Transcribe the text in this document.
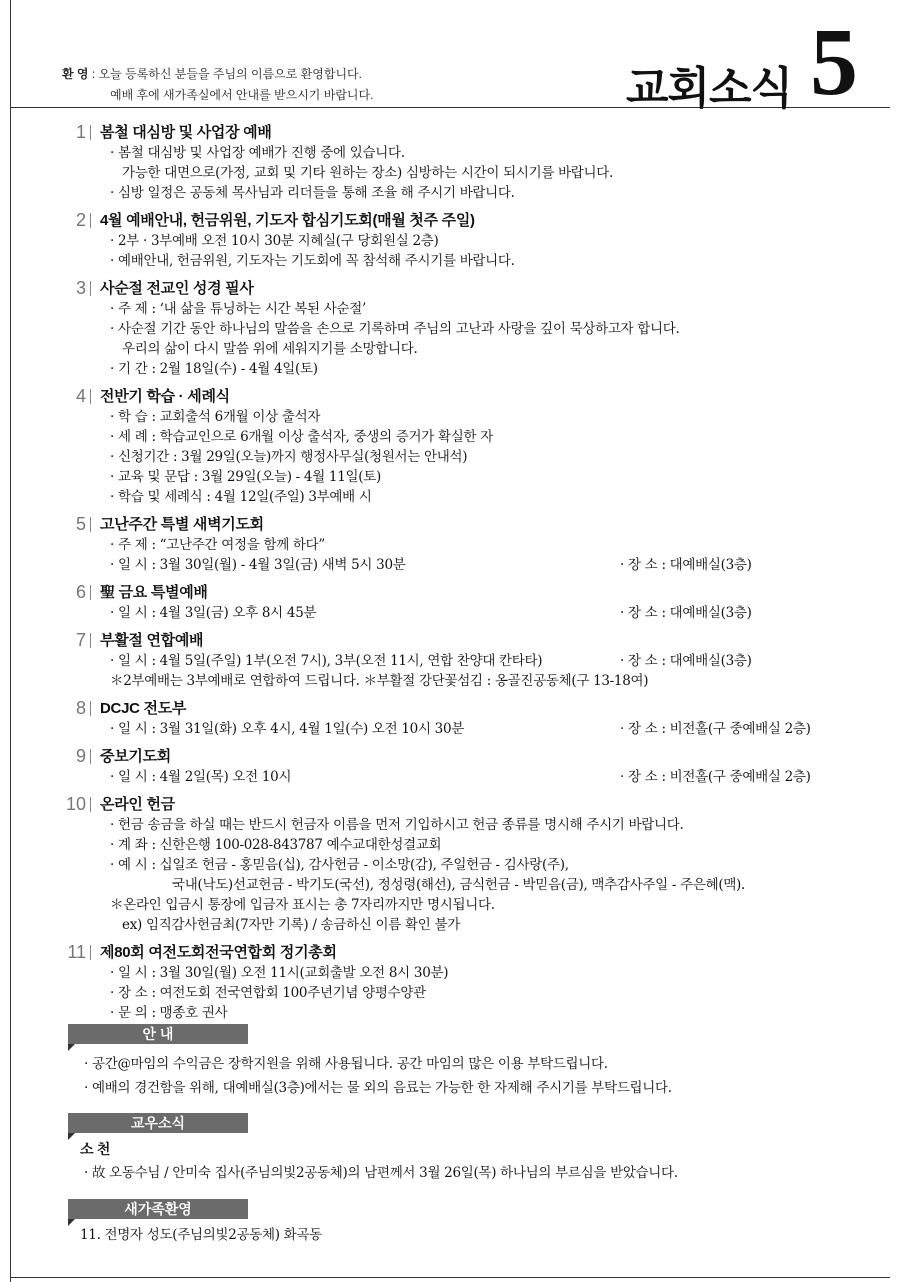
환 영 : 오늘 등록하신 분들을 주님의 이름으로 환영합니다.
예배 후에 새가족실에서 안내를 받으시기 바랍니다.	교회소식 5
1 봄철 대심방 및 사업장 예배
· 봄철 대심방 및 사업장 예배가 진행 중에 있습니다.
가능한 대면으로(가정, 교회 및 기타 원하는 장소) 심방하는 시간이 되시기를 바랍니다.
· 심방 일정은 공동체 목사님과 리더들을 통해 조율 해 주시기 바랍니다.
2 4월 예배안내, 헌금위원, 기도자 합심기도회(매월 첫주 주일)
· 2부 · 3부예배 오전 10시 30분 지혜실(구 당회원실 2층)
· 예배안내, 헌금위원, 기도자는 기도회에 꼭 참석해 주시기를 바랍니다.
3 사순절 전교인 성경 필사
· 주 제 : ‘내 삶을 튜닝하는 시간 복된 사순절’
· 사순절 기간 동안 하나님의 말씀을 손으로 기록하며 주님의 고난과 사랑을 깊이 묵상하고자 합니다.
우리의 삶이 다시 말씀 위에 세워지기를 소망합니다.
· 기 간 : 2월 18일(수) - 4월 4일(토)
4 전반기 학습 · 세례식
· 학 습 : 교회출석 6개월 이상 출석자
· 세 례 : 학습교인으로 6개월 이상 출석자, 중생의 증거가 확실한 자
· 신청기간 : 3월 29일(오늘)까지 행정사무실(청원서는 안내석)
· 교육 및 문답 : 3월 29일(오늘) - 4월 11일(토)
· 학습 및 세례식 : 4월 12일(주일) 3부예배 시
5 고난주간 특별 새벽기도회
· 주 제 : “고난주간 여정을 함께 하다”
· 일 시 : 3월 30일(월) - 4월 3일(금) 새벽 5시 30분	· 장 소 : 대예배실(3층)
6 聖 금요 특별예배
· 일 시 : 4월 3일(금) 오후 8시 45분	· 장 소 : 대예배실(3층)
7 부활절 연합예배
· 일 시 : 4월 5일(주일) 1부(오전 7시), 3부(오전 11시, 연합 찬양대 칸타타)	· 장 소 : 대예배실(3층)
＊2부예배는 3부예배로 연합하여 드립니다. ＊부활절 강단꽃섬김 : 옹골진공동체(구 13-18여)
8 DCJC 전도부
· 일 시 : 3월 31일(화) 오후 4시, 4월 1일(수) 오전 10시 30분	· 장 소 : 비전홀(구 중예배실 2층)
9 중보기도회
· 일 시 : 4월 2일(목) 오전 10시	· 장 소 : 비전홀(구 중예배실 2층)
10 온라인 헌금
· 헌금 송금을 하실 때는 반드시 헌금자 이름을 먼저 기입하시고 헌금 종류를 명시해 주시기 바랍니다.
· 계 좌 : 신한은행 100-028-843787 예수교대한성결교회
· 예 시 : 십일조 헌금 - 홍믿음(십), 감사헌금 - 이소망(감), 주일헌금 - 김사랑(주),
국내(낙도)선교헌금 - 박기도(국선), 정성령(해선), 금식헌금 - 박믿음(금), 맥추감사주일 - 주은혜(맥).
＊온라인 입금시 통장에 입금자 표시는 총 7자리까지만 명시됩니다.
ex) 임직감사헌금최(7자만 기록) / 송금하신 이름 확인 불가
11 제80회 여전도회전국연합회 정기총회
· 일 시 : 3월 30일(월) 오전 11시(교회출발 오전 8시 30분)
· 장 소 : 여전도회 전국연합회 100주년기념 양평수양관
· 문 의 : 맹종호 권사
안 내
· 공간@마임의 수익금은 장학지원을 위해 사용됩니다. 공간 마임의 많은 이용 부탁드립니다.
· 예배의 경건함을 위해, 대예배실(3층)에서는 물 외의 음료는 가능한 한 자제해 주시기를 부탁드립니다.
교우소식
소 천
· 故 오동수님 / 안미숙 집사(주님의빛2공동체)의 남편께서 3월 26일(목) 하나님의 부르심을 받았습니다.
새가족환영
11. 전명자 성도(주님의빛2공동체) 화곡동
